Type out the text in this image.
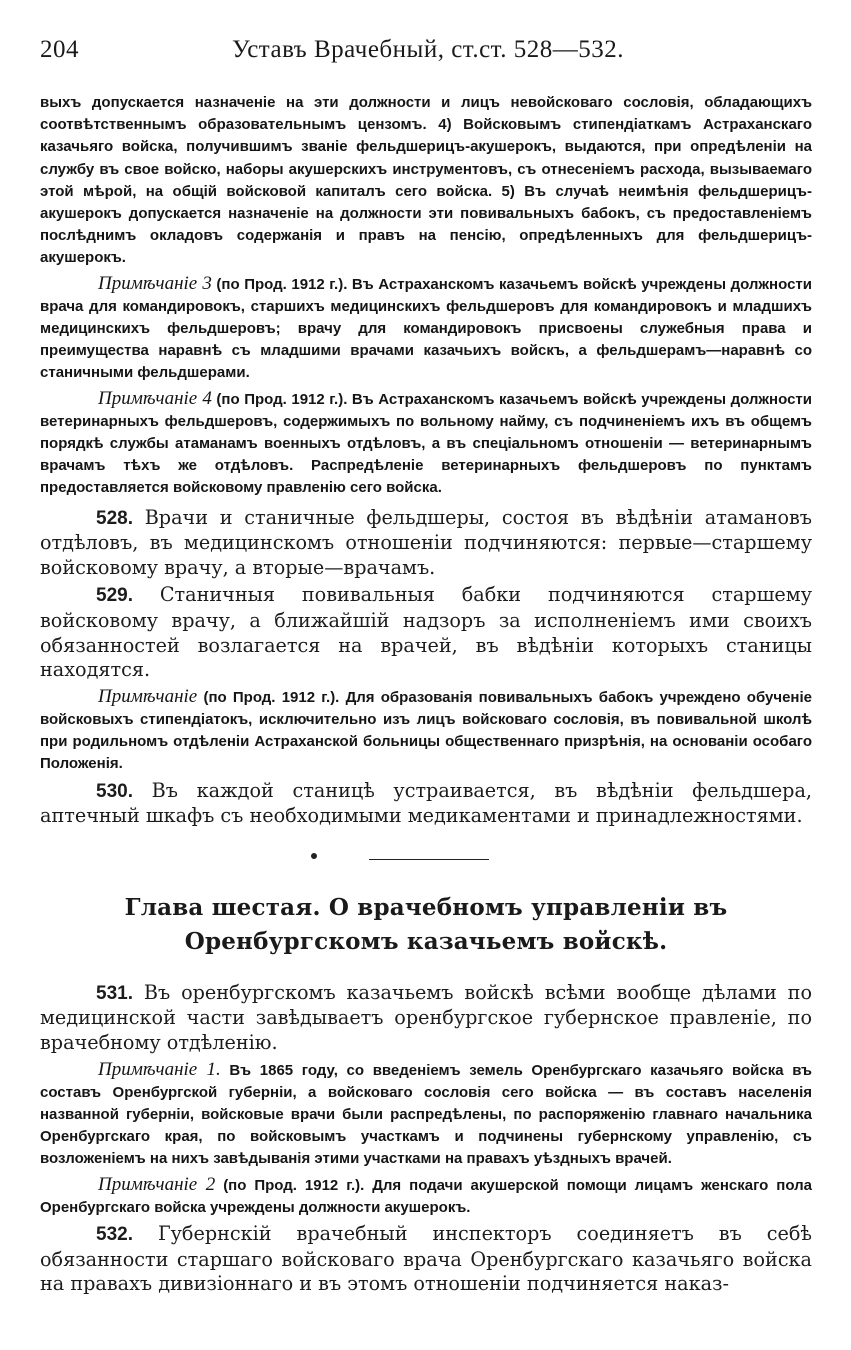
204	Уставъ Врачебный, ст.ст. 528—532.

выхъ допускается назначеніе на эти должности и лицъ невойсковаго сословія, обладающихъ соотвѣтственнымъ образовательнымъ цензомъ. 4) Войсковымъ стипендіаткамъ Астраханскаго казачьяго войска, получившимъ званіе фельдшерицъ-акушерокъ, выдаются, при опредѣленіи на службу въ свое войско, наборы акушерскихъ инструментовъ, съ отнесеніемъ расхода, вызываемаго этой мѣрой, на общій войсковой капиталъ сего войска. 5) Въ случаѣ неимѣнія фельдшерицъ-акушерокъ допускается назначеніе на должности эти повивальныхъ бабокъ, съ предоставленіемъ послѣднимъ окладовъ содержанія и правъ на пенсію, опредѣленныхъ для фельдшерицъ-акушерокъ.

Примѣчаніе 3 (по Прод. 1912 г.). Въ Астраханскомъ казачьемъ войскѣ учреждены должности врача для командировокъ, старшихъ медицинскихъ фельдшеровъ для командировокъ и младшихъ медицинскихъ фельдшеровъ; врачу для командировокъ присвоены служебныя права и преимущества наравнѣ съ младшими врачами казачьихъ войскъ, а фельдшерамъ—наравнѣ со станичными фельдшерами.

Примѣчаніе 4 (по Прод. 1912 г.). Въ Астраханскомъ казачьемъ войскѣ учреждены должности ветеринарныхъ фельдшеровъ, содержимыхъ по вольному найму, съ подчиненіемъ ихъ въ общемъ порядкѣ службы атаманамъ военныхъ отдѣловъ, а въ спеціальномъ отношеніи — ветеринарнымъ врачамъ тѣхъ же отдѣловъ. Распредѣленіе ветеринарныхъ фельдшеровъ по пунктамъ предоставляется войсковому правленію сего войска.

528. Врачи и станичные фельдшеры, состоя въ вѣдѣніи атамановъ отдѣловъ, въ медицинскомъ отношеніи подчиняются: первые—старшему войсковому врачу, а вторые—врачамъ.

529. Станичныя повивальныя бабки подчиняются старшему войсковому врачу, а ближайшій надзоръ за исполненіемъ ими своихъ обязанностей возлагается на врачей, въ вѣдѣніи которыхъ станицы находятся.

Примѣчаніе (по Прод. 1912 г.). Для образованія повивальныхъ бабокъ учреждено обученіе войсковыхъ стипендіатокъ, исключительно изъ лицъ войсковаго сословія, въ повивальной школѣ при родильномъ отдѣленіи Астраханской больницы общественнаго призрѣнія, на основаніи особаго Положенія.

530. Въ каждой станицѣ устраивается, въ вѣдѣніи фельдшера, аптечный шкафъ съ необходимыми медикаментами и принадлежностями.

Глава шестая. О врачебномъ управленіи въ Оренбургскомъ казачьемъ войскѣ.

531. Въ оренбургскомъ казачьемъ войскѣ всѣми вообще дѣлами по медицинской части завѣдываетъ оренбургское губернское правленіе, по врачебному отдѣленію.

Примѣчаніе 1. Въ 1865 году, со введеніемъ земель Оренбургскаго казачьяго войска въ составъ Оренбургской губерніи, а войсковаго сословія сего войска — въ составъ населенія названной губерніи, войсковые врачи были распредѣлены, по распоряженію главнаго начальника Оренбургскаго края, по войсковымъ участкамъ и подчинены губернскому управленію, съ возложеніемъ на нихъ завѣдыванія этими участками на правахъ уѣздныхъ врачей.

Примѣчаніе 2 (по Прод. 1912 г.). Для подачи акушерской помощи лицамъ женскаго пола Оренбургскаго войска учреждены должности акушерокъ.

532. Губернскій врачебный инспекторъ соединяетъ въ себѣ обязанности старшаго войсковаго врача Оренбургскаго казачьяго войска на правахъ дивизіоннаго и въ этомъ отношеніи подчиняется наказ-
